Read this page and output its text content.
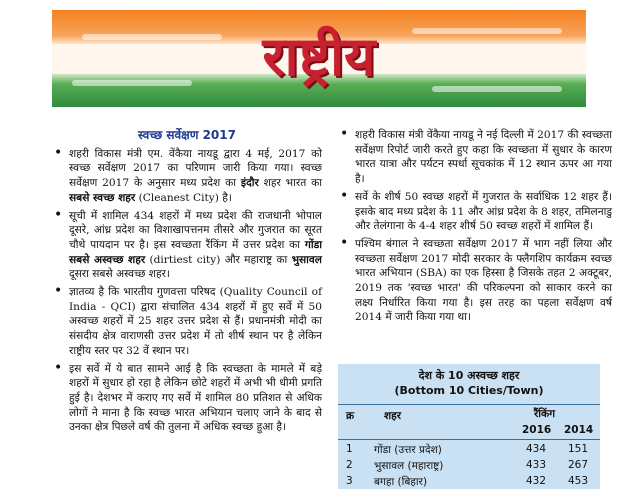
राष्ट्रीय
स्वच्छ सर्वेक्षण 2017
• शहरी विकास मंत्री एम. वेंकैया नायडू द्वारा 4 मई, 2017 को स्वच्छ सर्वेक्षण 2017 का परिणाम जारी किया गया। स्वच्छ सर्वेक्षण 2017 के अनुसार मध्य प्रदेश का इंदौर शहर भारत का सबसे स्वच्छ शहर (Cleanest City) है।
• सूची में शामिल 434 शहरों में मध्य प्रदेश की राजधानी भोपाल दूसरे, आंध्र प्रदेश का विशाखापत्तनम तीसरे और गुजरात का सूरत चौथे पायदान पर है। इस स्वच्छता रैंकिंग में उत्तर प्रदेश का गोंडा सबसे अस्वच्छ शहर (dirtiest city) और महाराष्ट्र का भुसावल दूसरा सबसे अस्वच्छ शहर।
• ज्ञातव्य है कि भारतीय गुणवत्ता परिषद (Quality Council of India - QCI) द्वारा संचालित 434 शहरों में हुए सर्वे में 50 अस्वच्छ शहरों में 25 शहर उत्तर प्रदेश से हैं। प्रधानमंत्री मोदी का संसदीय क्षेत्र वाराणसी उत्तर प्रदेश में तो शीर्ष स्थान पर है लेकिन राष्ट्रीय स्तर पर 32 वें स्थान पर।
• इस सर्वे में ये बात सामने आई है कि स्वच्छता के मामले में बड़े शहरों में सुधार हो रहा है लेकिन छोटे शहरों में अभी भी धीमी प्रगति हुई है। देशभर में कराए गए सर्वे में शामिल 80 प्रतिशत से अधिक लोगों ने माना है कि स्वच्छ भारत अभियान चलाए जाने के बाद से उनका क्षेत्र पिछले वर्ष की तुलना में अधिक स्वच्छ हुआ है।
• शहरी विकास मंत्री वेंकैया नायडू ने नई दिल्ली में 2017 की स्वच्छता सर्वेक्षण रिपोर्ट जारी करते हुए कहा कि स्वच्छता में सुधार के कारण भारत यात्रा और पर्यटन स्पर्धा सूचकांक में 12 स्थान ऊपर आ गया है।
• सर्वे के शीर्ष 50 स्वच्छ शहरों में गुजरात के सर्वाधिक 12 शहर हैं। इसके बाद मध्य प्रदेश के 11 और आंध्र प्रदेश के 8 शहर, तमिलनाडु और तेलंगाना के 4-4 शहर शीर्ष 50 स्वच्छ शहरों में शामिल हैं।
• पश्चिम बंगाल ने स्वच्छता सर्वेक्षण 2017 में भाग नहीं लिया और स्वच्छता सर्वेक्षण 2017 मोदी सरकार के फ्लैगशिप कार्यक्रम स्वच्छ भारत अभियान (SBA) का एक हिस्सा है जिसके तहत 2 अक्टूबर, 2019 तक 'स्वच्छ भारत' की परिकल्पना को साकार करने का लक्ष्य निर्धारित किया गया है। इस तरह का पहला सर्वेक्षण वर्ष 2014 में जारी किया गया था।
देश के 10 अस्वच्छ शहर
(Bottom 10 Cities/Town)
क्र	शहर	रैंकिंग
2016 2014
1 गोंडा (उत्तर प्रदेश)	434 151
2 भुसावल (महाराष्ट्र)	433 267
3 बगहा (बिहार)	432 453
